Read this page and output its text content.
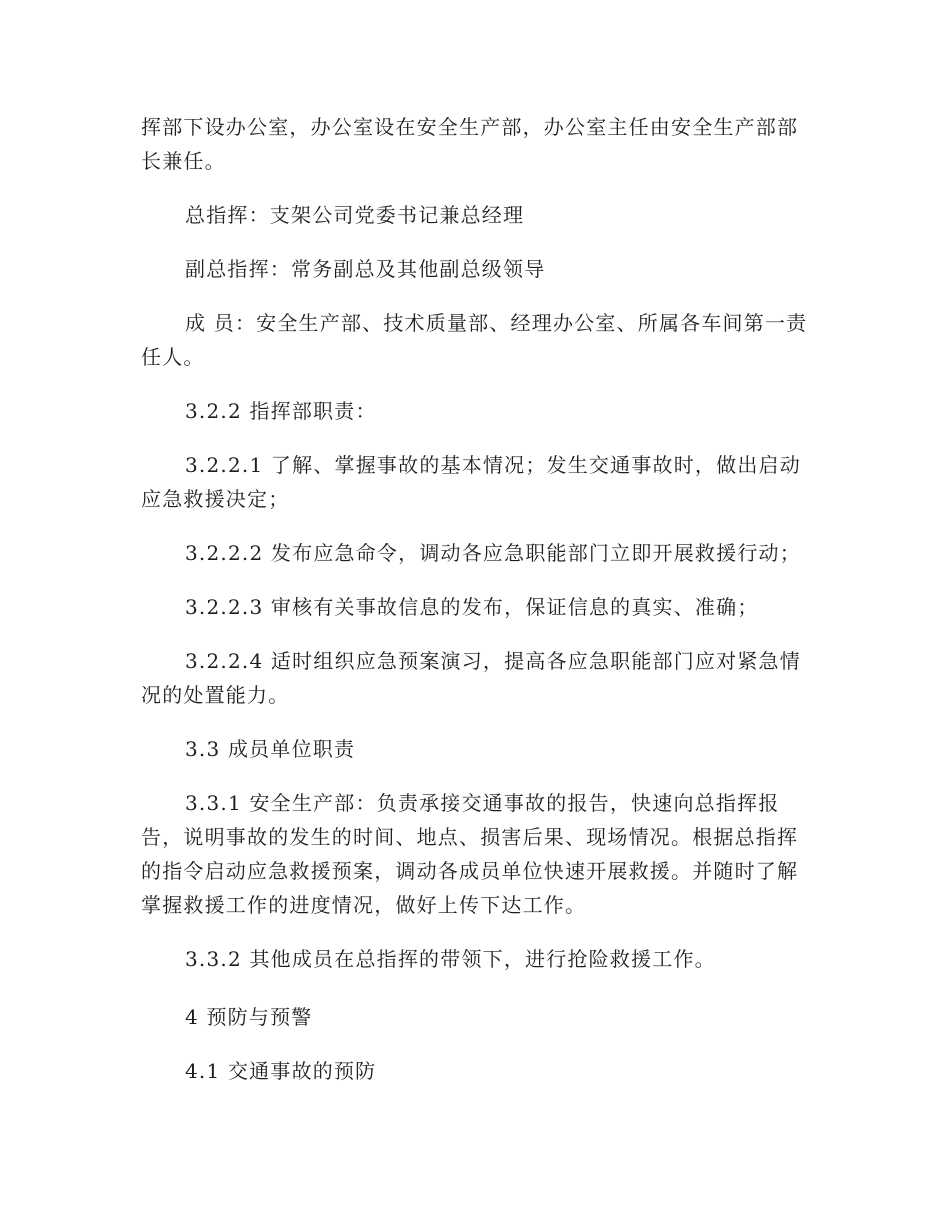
挥部下设办公室，办公室设在安全生产部，办公室主任由安全生产部部长兼任。

总指挥：支架公司党委书记兼总经理

副总指挥：常务副总及其他副总级领导

成 员：安全生产部、技术质量部、经理办公室、所属各车间第一责任人。

3.2.2 指挥部职责：

3.2.2.1 了解、掌握事故的基本情况；发生交通事故时，做出启动应急救援决定；

3.2.2.2 发布应急命令，调动各应急职能部门立即开展救援行动；

3.2.2.3 审核有关事故信息的发布，保证信息的真实、准确；

3.2.2.4 适时组织应急预案演习，提高各应急职能部门应对紧急情况的处置能力。

3.3 成员单位职责

3.3.1 安全生产部：负责承接交通事故的报告，快速向总指挥报告，说明事故的发生的时间、地点、损害后果、现场情况。根据总指挥的指令启动应急救援预案，调动各成员单位快速开展救援。并随时了解掌握救援工作的进度情况，做好上传下达工作。

3.3.2 其他成员在总指挥的带领下，进行抢险救援工作。

4 预防与预警

4.1 交通事故的预防
